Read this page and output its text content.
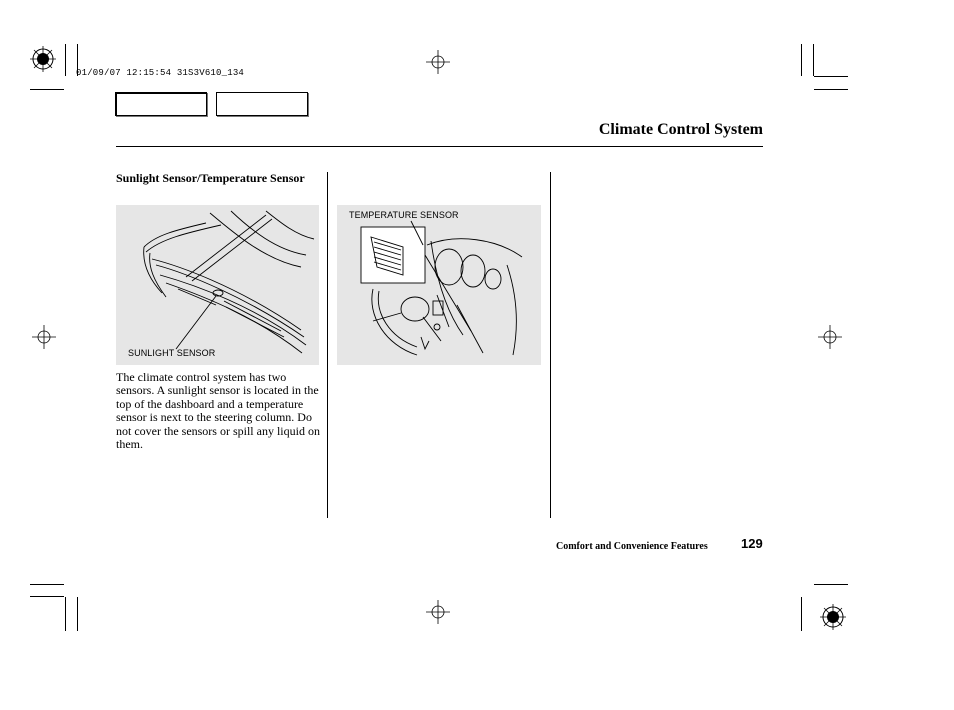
01/09/07 12:15:54 31S3V610_134
Climate Control System
Sunlight Sensor/Temperature Sensor
SUNLIGHT SENSOR
TEMPERATURE SENSOR
The climate control system has two sensors. A sunlight sensor is located in the top of the dashboard and a temperature sensor is next to the steering column. Do not cover the sensors or spill any liquid on them.
Comfort and Convenience Features	129
